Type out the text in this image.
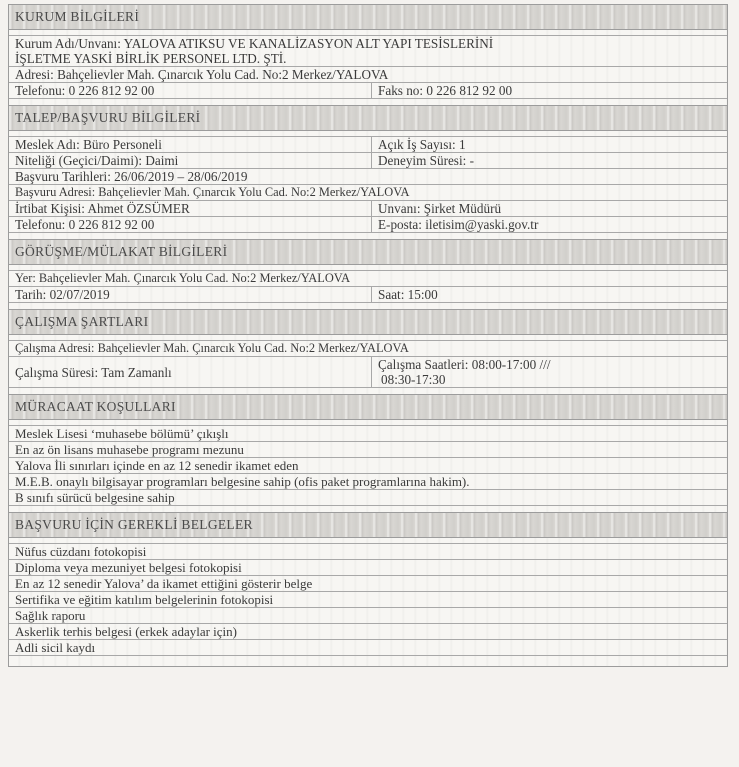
KURUM BİLGİLERİ
Kurum Adı/Unvanı: YALOVA ATIKSU VE KANALİZASYON ALT YAPI TESİSLERİNİ
İŞLETME YASKİ BİRLİK PERSONEL LTD. ŞTİ.
Adresi: Bahçelievler Mah. Çınarcık Yolu Cad. No:2 Merkez/YALOVA
Telefonu: 0 226 812 92 00	Faks no: 0 226 812 92 00
TALEP/BAŞVURU BİLGİLERİ
Meslek Adı: Büro Personeli	Açık İş Sayısı: 1
Niteliği (Geçici/Daimi): Daimi	Deneyim Süresi: -
Başvuru Tarihleri: 26/06/2019 – 28/06/2019
Başvuru Adresi: Bahçelievler Mah. Çınarcık Yolu Cad. No:2 Merkez/YALOVA
İrtibat Kişisi: Ahmet ÖZSÜMER	Unvanı: Şirket Müdürü
Telefonu: 0 226 812 92 00	E-posta: iletisim@yaski.gov.tr
GÖRÜŞME/MÜLAKAT BİLGİLERİ
Yer: Bahçelievler Mah. Çınarcık Yolu Cad. No:2 Merkez/YALOVA
Tarih: 02/07/2019	Saat: 15:00
ÇALIŞMA ŞARTLARI
Çalışma Adresi: Bahçelievler Mah. Çınarcık Yolu Cad. No:2 Merkez/YALOVA
Çalışma Süresi: Tam Zamanlı	Çalışma Saatleri: 08:00-17:00 ///
08:30-17:30
MÜRACAAT KOŞULLARI
Meslek Lisesi ‘muhasebe bölümü’ çıkışlı
En az ön lisans muhasebe programı mezunu
Yalova İli sınırları içinde en az 12 senedir ikamet eden
M.E.B. onaylı bilgisayar programları belgesine sahip (ofis paket programlarına hakim).
B sınıfı sürücü belgesine sahip
BAŞVURU İÇİN GEREKLİ BELGELER
Nüfus cüzdanı fotokopisi
Diploma veya mezuniyet belgesi fotokopisi
En az 12 senedir Yalova’ da ikamet ettiğini gösterir belge
Sertifika ve eğitim katılım belgelerinin fotokopisi
Sağlık raporu
Askerlik terhis belgesi (erkek adaylar için)
Adli sicil kaydı
